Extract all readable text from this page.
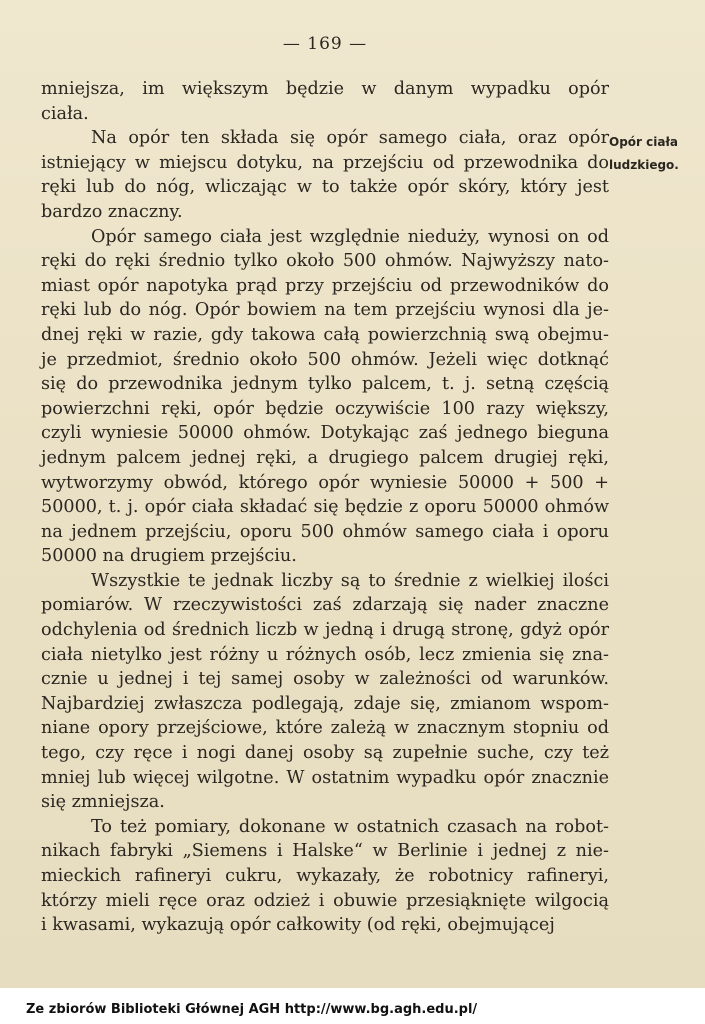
— 169 —

mniejsza, im większym będzie w danym wypadku opór
ciała.

Na opór ten składa się opór samego ciała, oraz opór
istniejący w miejscu dotyku, na przejściu od przewodnika do
ręki lub do nóg, wliczając w to także opór skóry, który jest
bardzo znaczny.

Opór samego ciała jest względnie nieduży, wynosi on od
ręki do ręki średnio tylko około 500 ohmów. Najwyższy nato-
miast opór napotyka prąd przy przejściu od przewodników do
ręki lub do nóg. Opór bowiem na tem przejściu wynosi dla je-
dnej ręki w razie, gdy takowa całą powierzchnią swą obejmu-
je przedmiot, średnio około 500 ohmów. Jeżeli więc dotknąć
się do przewodnika jednym tylko palcem, t. j. setną częścią
powierzchni ręki, opór będzie oczywiście 100 razy większy,
czyli wyniesie 50000 ohmów. Dotykając zaś jednego bieguna
jednym palcem jednej ręki, a drugiego palcem drugiej ręki,
wytworzymy obwód, którego opór wyniesie 50000 + 500 +
50000, t. j. opór ciała składać się będzie z oporu 50000 ohmów
na jednem przejściu, oporu 500 ohmów samego ciała i oporu
50000 na drugiem przejściu.

Wszystkie te jednak liczby są to średnie z wielkiej ilości
pomiarów. W rzeczywistości zaś zdarzają się nader znaczne
odchylenia od średnich liczb w jedną i drugą stronę, gdyż opór
ciała nietylko jest różny u różnych osób, lecz zmienia się zna-
cznie u jednej i tej samej osoby w zależności od warunków.
Najbardziej zwłaszcza podlegają, zdaje się, zmianom wspom-
niane opory przejściowe, które zależą w znacznym stopniu od
tego, czy ręce i nogi danej osoby są zupełnie suche, czy też
mniej lub więcej wilgotne. W ostatnim wypadku opór znacznie
się zmniejsza.

To też pomiary, dokonane w ostatnich czasach na robot-
nikach fabryki „Siemens i Halske“ w Berlinie i jednej z nie-
mieckich rafineryi cukru, wykazały, że robotnicy rafineryi,
którzy mieli ręce oraz odzież i obuwie przesiąknięte wilgocią
i kwasami, wykazują opór całkowity (od ręki, obejmującej

Opór ciała
ludzkiego.
Ze zbiorów Biblioteki Głównej AGH http://www.bg.agh.edu.pl/
